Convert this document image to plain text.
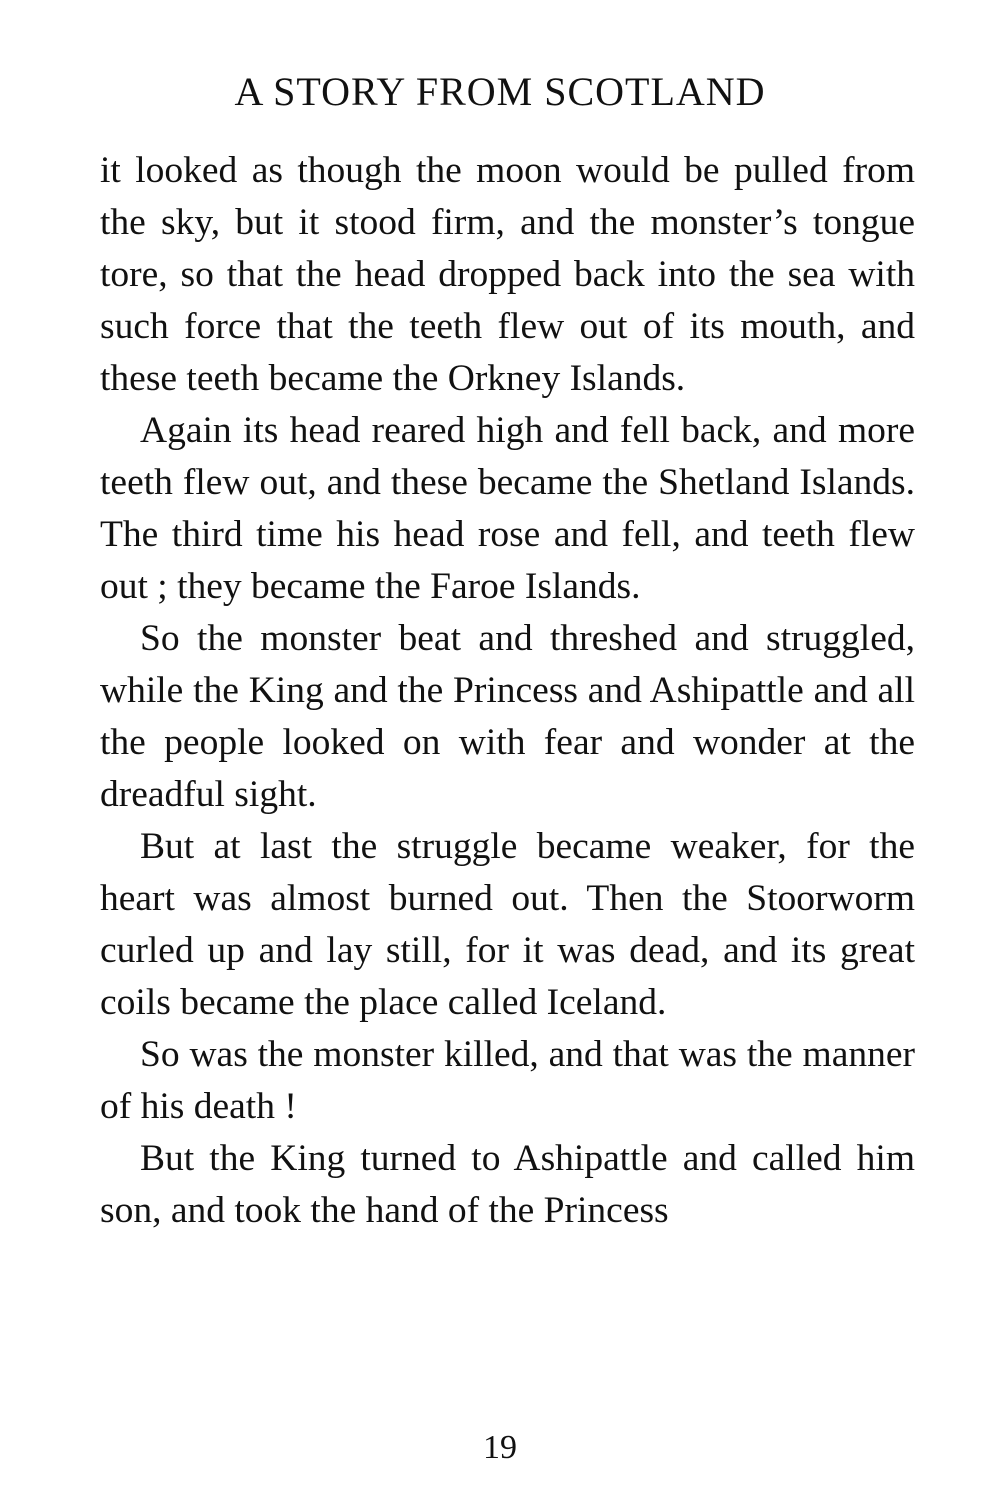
A STORY FROM SCOTLAND

it looked as though the moon would be pulled from the sky, but it stood firm, and the monster’s tongue tore, so that the head dropped back into the sea with such force that the teeth flew out of its mouth, and these teeth became the Orkney Islands.

Again its head reared high and fell back, and more teeth flew out, and these became the Shetland Islands. The third time his head rose and fell, and teeth flew out ; they became the Faroe Islands.

So the monster beat and threshed and struggled, while the King and the Princess and Ashipattle and all the people looked on with fear and wonder at the dreadful sight.

But at last the struggle became weaker, for the heart was almost burned out. Then the Stoorworm curled up and lay still, for it was dead, and its great coils became the place called Iceland.

So was the monster killed, and that was the manner of his death !

But the King turned to Ashipattle and called him son, and took the hand of the Princess

19
